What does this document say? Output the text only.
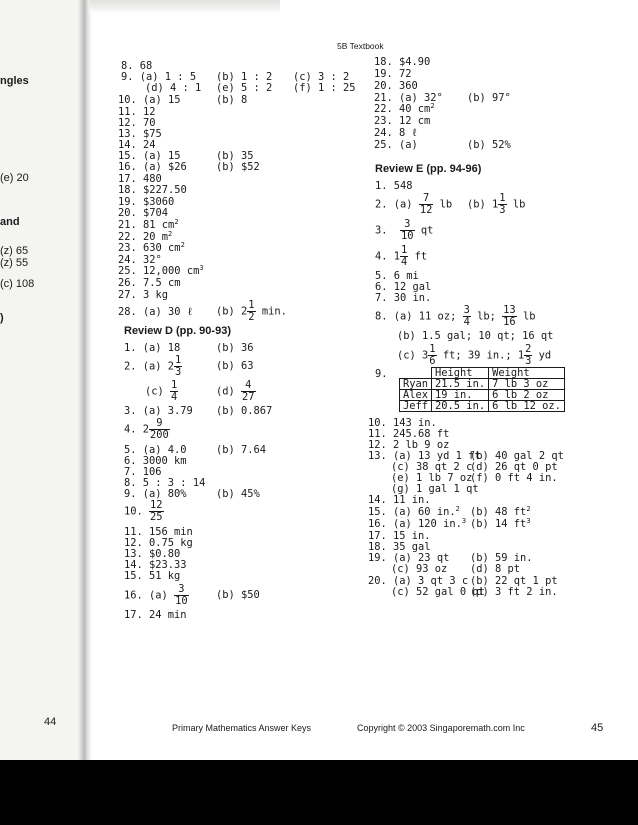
ngles
(e) 20
and
(z) 65
(z) 55
(c) 108
)
5B Textbook
8. 68
9. (a) 1 : 5 (b) 1 : 2 (c) 3 : 2
(d) 4 : 1 (e) 5 : 2 (f) 1 : 25
10. (a) 15	(b) 8
11. 12
12. 70
13. $75
14. 24
15. (a) 15	(b) 35
16. (a) $26	(b) $52
17. 480
18. $227.50
19. $3060
20. $704
21. 81 $cm^2$
22. 20 $m^2$
23. 630 $cm^2$
24. 32°
25. 12,000 $cm^3$
26. 7.5 cm
27. 3 kg
28. (a) 30 ℓ (b) $2 \frac{1}{2} \min$.
Review D (pp. 90-93)
1. (a) 18	(b) 36
2. (a) $2 \frac{1}{3}$	(b) 63
$(c) \frac{1}{4}$	$(d) \frac{4}{27}$
3. (a) 3.79 (b) 0.867
4. $2 \frac{9}{200}$
5. (a) 4.0	(b) 7.64
6. 3000 km
7. 106
8. 5 : 3 : 14
9. (a) 80%	(b) 45%
10. $\frac{12}{25}$
11. 156 min
12. 0.75 kg
13. $0.80
14. $23.33
15. 51 kg
16. $(a) \frac{3}{10}$	(b) $50
17. 24 min
18. $4.90
19. 72
20. 360
21. (a) 32° (b) 97°
22. 40 $cm^2$
23. 12 cm
24. 8 ℓ
25. (a)	(b) 52%
Review E (pp. 94-96)
1. 548
2. $(a) \frac{7}{12}$ lb (b) $1 \frac{1}{3}$ lb
3. $\frac{3}{10}$ qt
4. $1 \frac{1}{4}$ ft
5. 6 mi
6. 12 gal
7. 30 in.
8. (a) 11 oz; $\frac{3}{4}$ lb; $\frac{13}{16}$ lb
(b) 1.5 gal; 10 qt; 16 qt
(c) $3 \frac{1}{6}$ ft; 39 in.; $1 \frac{2}{3}$ yd
9.
		Height	Weight
Ryan	21.5 in.	7 lb 3 oz
Alex	19 in.	6 lb 2 oz
Jeff	20.5 in.	6 lb 12 oz.
10. 143 in.
11. 245.68 ft
12. 2 lb 9 oz
13. (a) 13 yd 1 ft
(b) 40 gal 2 qt
(c) 38 qt 2 c
(d) 26 qt 0 pt
(e) 1 lb 7 oz
(f) 0 ft 4 in.
(g) 1 gal 1 qt
14. 11 in.
15. (a) 60 in.$^2$ (b) 48 $ft^2$
16. (a) 120 in.$^3$ (b) 14 $ft^3$
17. 15 in.
18. 35 gal
19. (a) 23 qt (b) 59 in.
(c) 93 oz (d) 8 pt
20. (a) 3 qt 3 c (b) 22 qt 1 pt
(c) 52 gal 0 qt
(d) 3 ft 2 in.
44	Primary Mathematics Answer Keys	Copyright © 2003 Singaporemath.com Inc	45
